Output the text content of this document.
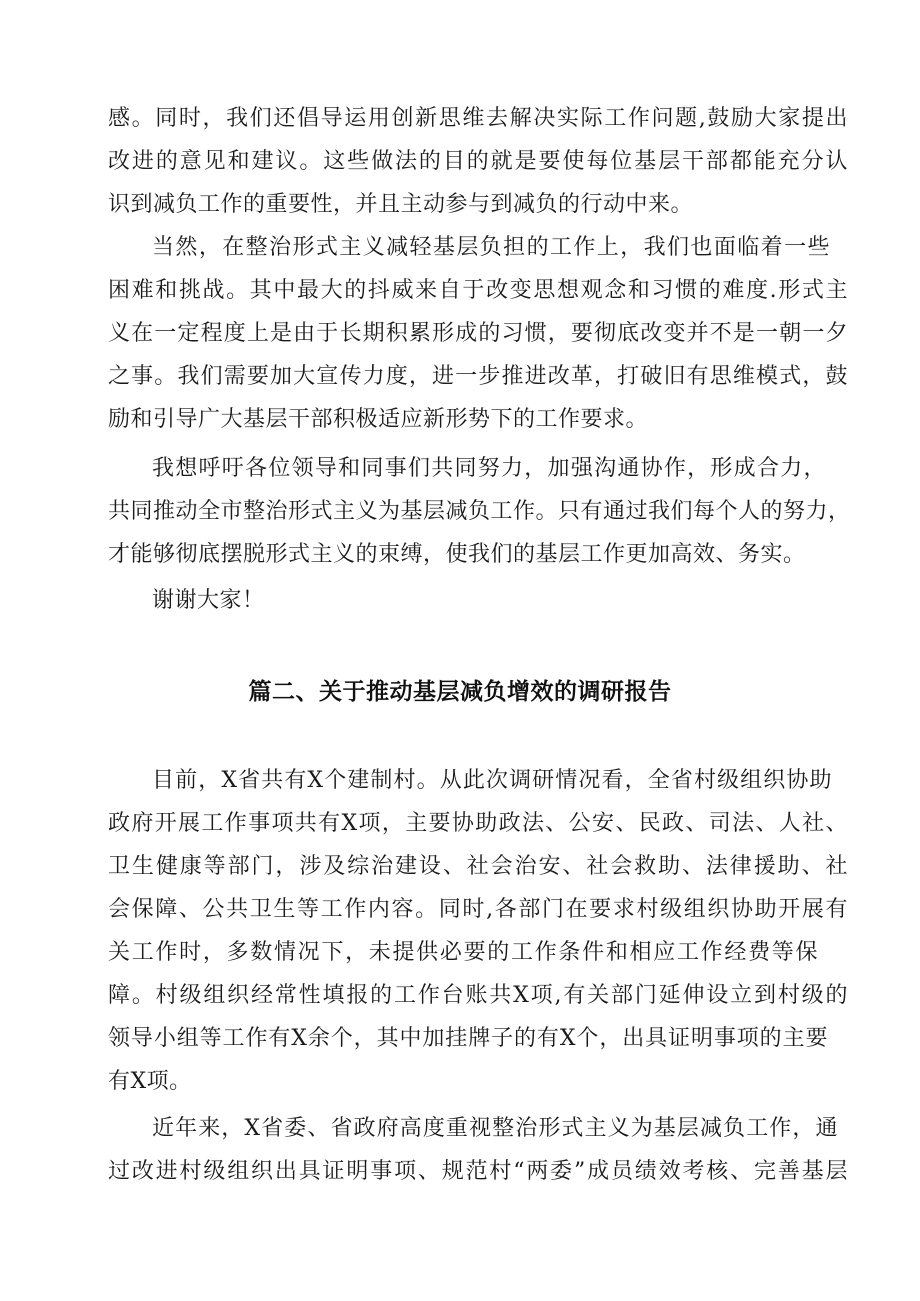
感。同时，我们还倡导运用创新思维去解决实际工作问题,鼓励大家提出
改进的意见和建议。这些做法的目的就是要使每位基层干部都能充分认
识到减负工作的重要性，并且主动参与到减负的行动中来。
当然，在整治形式主义减轻基层负担的工作上，我们也面临着一些
困难和挑战。其中最大的抖威来自于改变思想观念和习惯的难度.形式主
义在一定程度上是由于长期积累形成的习惯，要彻底改变并不是一朝一夕
之事。我们需要加大宣传力度，进一步推进改革，打破旧有思维模式，鼓
励和引导广大基层干部积极适应新形势下的工作要求。
我想呼吁各位领导和同事们共同努力，加强沟通协作，形成合力，
共同推动全市整治形式主义为基层减负工作。只有通过我们每个人的努力，
才能够彻底摆脱形式主义的束缚，使我们的基层工作更加高效、务实。
谢谢大家！
篇二、关于推动基层减负增效的调研报告
目前，X省共有X个建制村。从此次调研情况看，全省村级组织协助
政府开展工作事项共有X项，主要协助政法、公安、民政、司法、人社、
卫生健康等部门，涉及综治建设、社会治安、社会救助、法律援助、社
会保障、公共卫生等工作内容。同时,各部门在要求村级组织协助开展有
关工作时，多数情况下，未提供必要的工作条件和相应工作经费等保
障。村级组织经常性填报的工作台账共X项,有关部门延伸设立到村级的
领导小组等工作有X余个，其中加挂牌子的有X个，出具证明事项的主要
有X项。
近年来，X省委、省政府高度重视整治形式主义为基层减负工作，通
过改进村级组织出具证明事项、规范村“两委”成员绩效考核、完善基层
